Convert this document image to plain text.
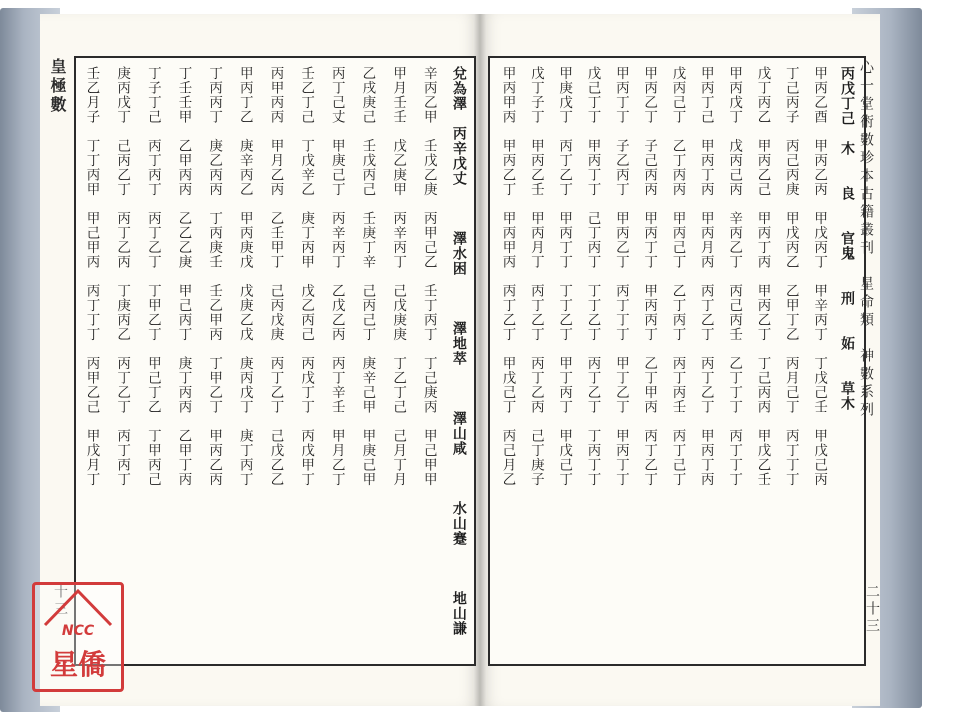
皇極數
十三	兌為澤　丙辛戊丈　　　澤水困　　　澤地萃　　　澤山咸　　　水山蹇　　　地山謙
辛丙乙甲　壬戊乙庚　丙甲己乙　壬丁丙丁　丁己庚丙　甲己甲甲
甲月壬壬　戊乙庚甲　丙辛丙丁　己戊庚庚　丁乙丁己　己月丁月
乙戌庚己　壬戊丙己　壬庚丁辛　己丙己丁　庚辛己甲　甲庚己甲
丙丁己丈　甲庚己丁　丙辛丙丁　乙戊乙丙　丙丁辛壬　甲月乙丁
壬乙丁己　丁戊辛乙　庚丁丙甲　戊乙丙己　丙戊丁丁　丙戊甲丁
丙甲丙丙　甲月乙丙　乙壬甲丁　己丙戊庚　丙丁乙丁　己戊乙乙
甲丙丁乙　庚辛丙乙　甲丙庚戊　戊庚乙戊　庚丙戊丁　庚丁丙丁
丁丙丙丁　庚乙丙丙　丁丙庚壬　壬乙甲丙　丁甲乙丁　甲丙乙丙
丁壬壬甲　乙甲丙丙　乙乙乙庚　甲己丙丁　庚丁丙丙　乙甲丁丙
丁子丁己　丙丁丙丁　丙丁乙丁　丁甲乙丁　甲己丁乙　丁甲丙己
庚丙戊丁　己丙乙丁　丙丁乙丙　丁庚丙乙　丙丁乙丁　丙丁丙丁
壬乙月子　丁丁丙甲　甲己甲丙　丙丁丁丁　丙甲乙己　甲戊月丁	丙戊丁己　木　　良　　官鬼　　刑　　妬　　草木
甲丙乙酉　甲丙乙丙　甲戊丙丁　甲辛丙丁　丁戊己壬　甲戊己丙
丁己丙子　丙己丙庚　甲戊丙乙　乙甲丁乙　丙月己丁　丙丁丁丁
戊丁丙乙　甲丙乙己　甲丙丁丙　甲丙乙丁　丁己丙丙　甲戊乙壬
甲丙戊丁　戊丙己丙　辛丙乙丁　丙己丙壬　乙丁丁丁　丙丁丁丁
甲丙丁己　甲丙丁丙　甲丙月丙　丙丁乙丁　丙丁乙丁　甲丙丁丙
戊丙己丁　乙丁丙丙　甲丙己丁　乙丁丙丁　丙丁丙壬　丙丁己丁
甲丙乙丁　子己丙丙　甲丙丁丁　甲丙丙丁　乙丁甲丙　丙丁乙丁
甲丙丁丁　子乙丙丁　甲丙乙丁　丙丁丁丁　甲丁乙丁　甲丙丁丁
戊己丁丁　甲丙丁丁　己丁丙丁　丁丁乙丁　丙丁乙丁　丁丙丁丁
甲庚戊丁　丙丁乙丁　甲丙丁丁　丁丁乙丁　甲丁丙丁　甲戊己丁
戊丁子丁　甲丙乙壬　甲丙月丁　丙丁乙丁　丙丁乙丙　己丁庚子
甲丙甲丙　甲丙乙丁　甲丙甲丙　丙丁乙丁　甲戊己丁　丙己月乙	心一堂術數珍本古籍叢刊　星命類　神數系列
二十三
NCC
星僑
